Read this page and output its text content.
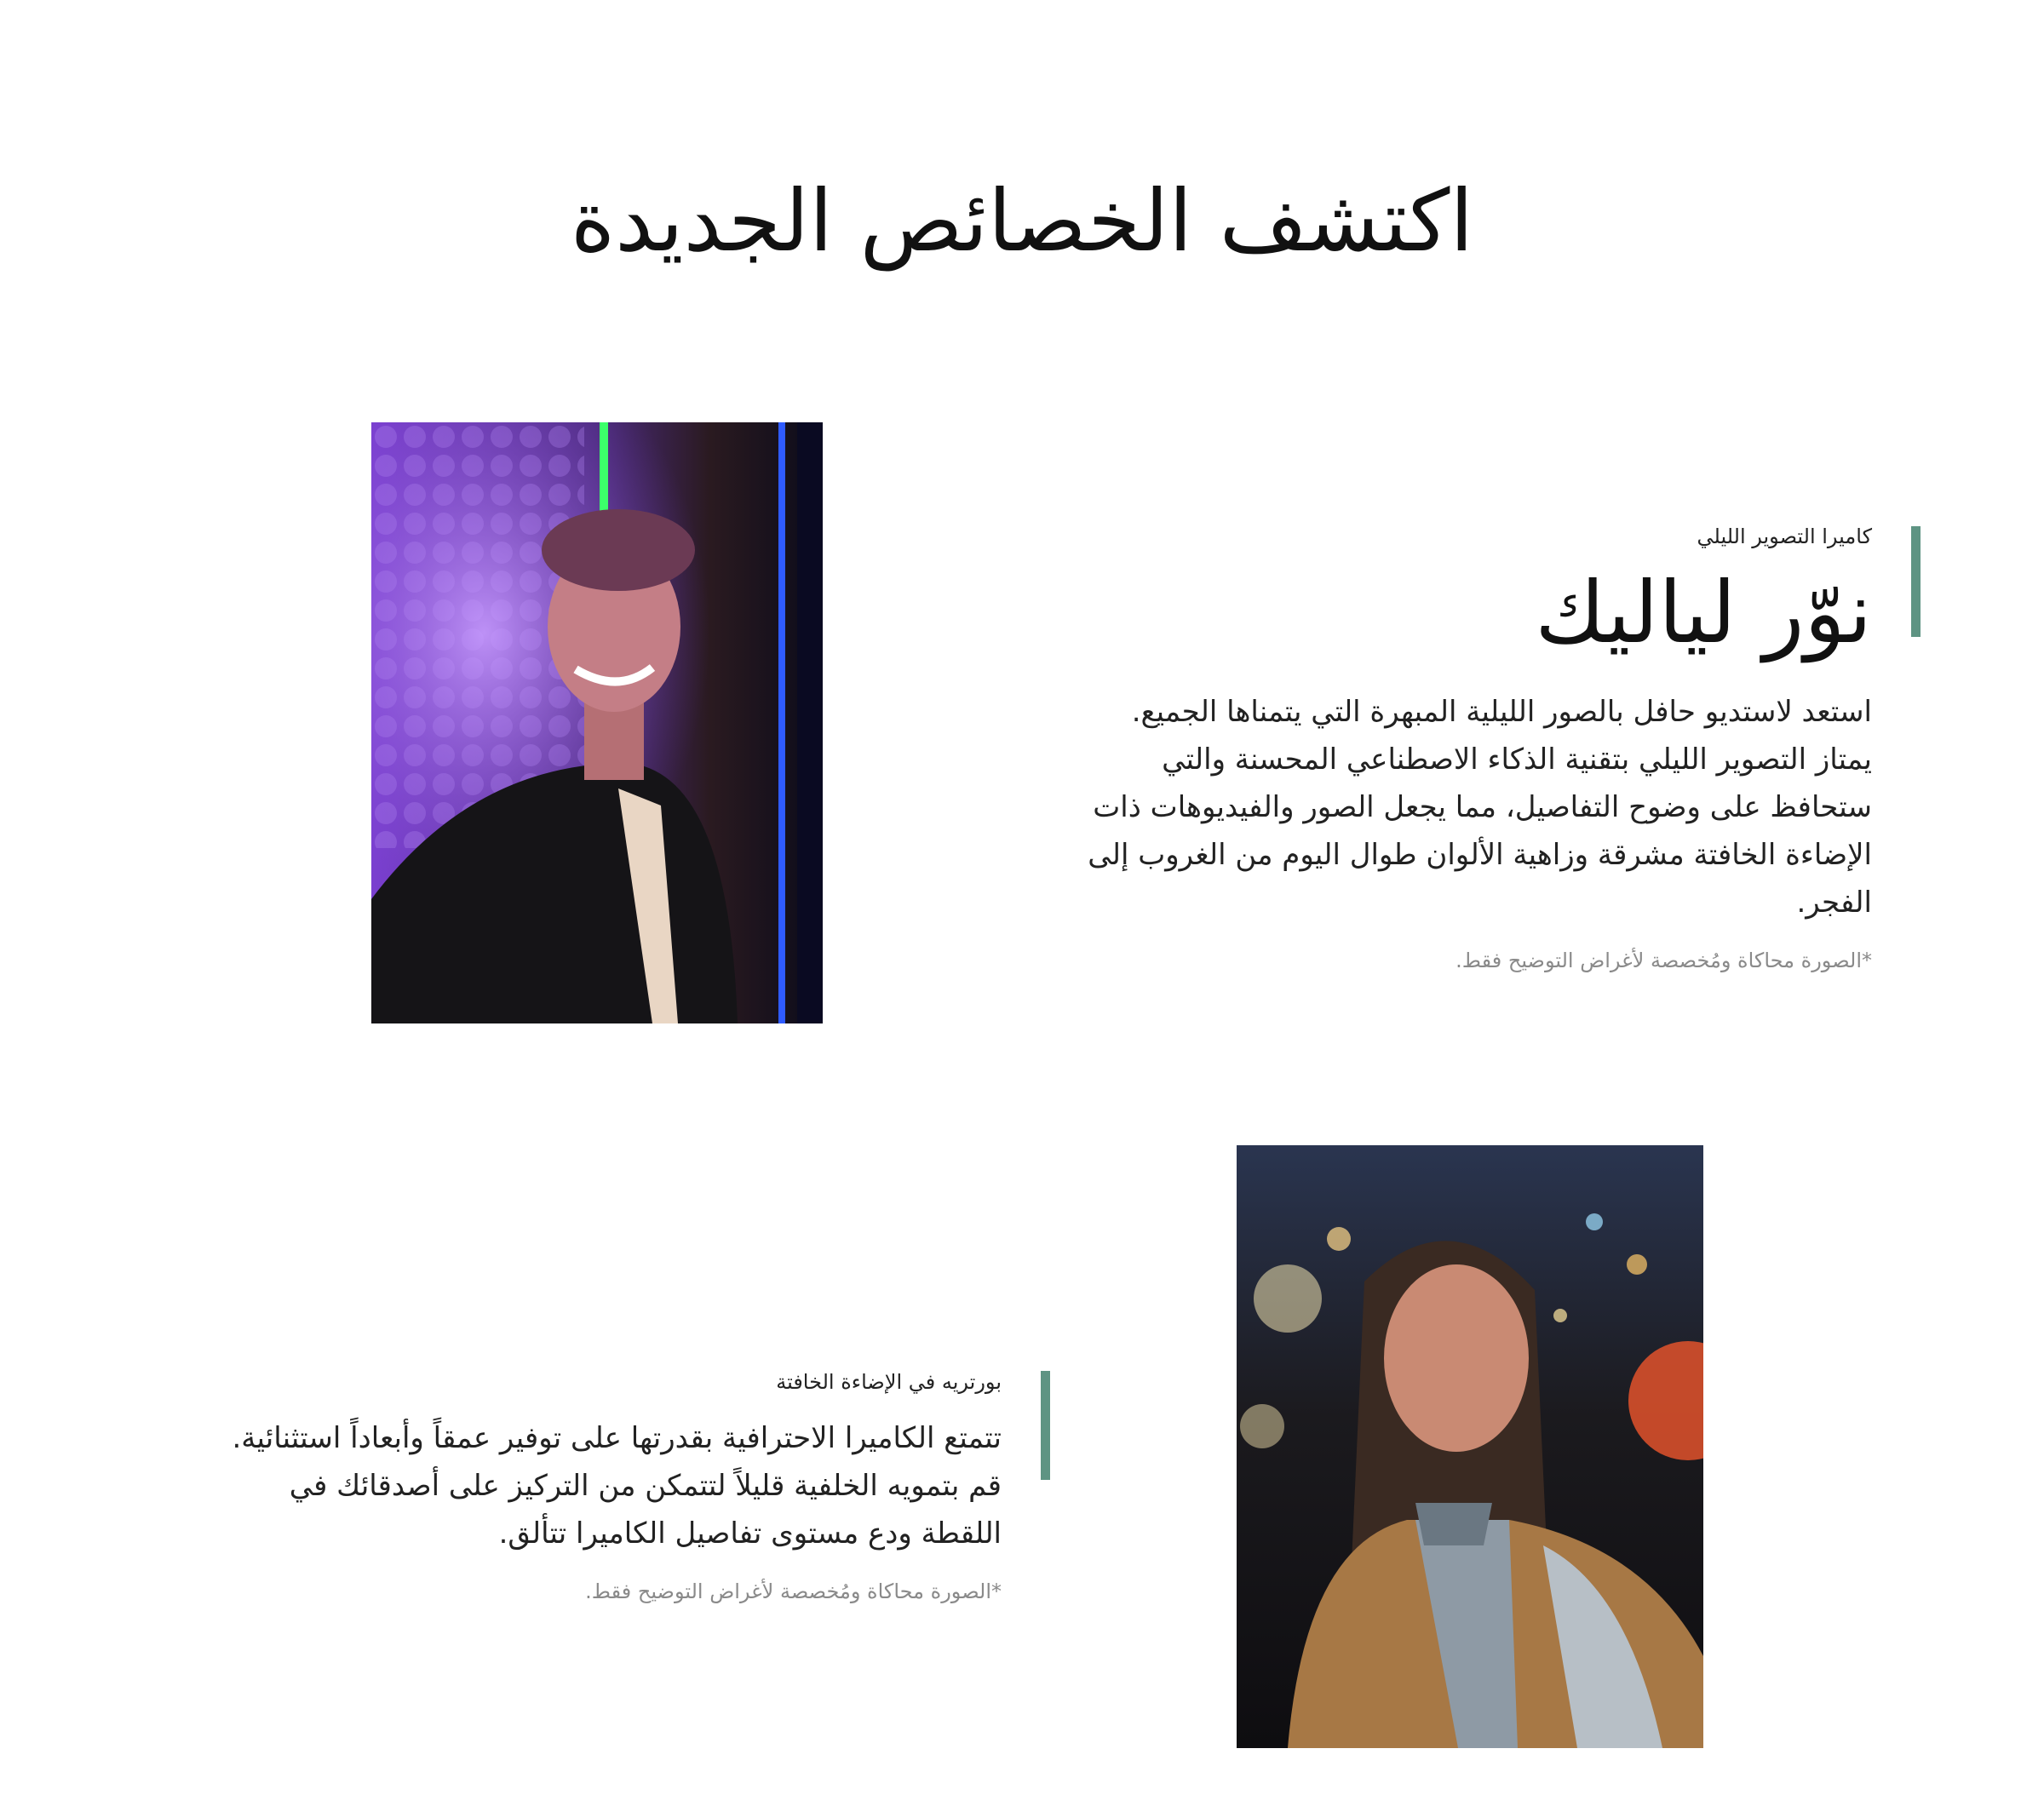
اكتشف الخصائص الجديدة

كاميرا التصوير الليلي

نوّر لياليك

استعد لاستديو حافل بالصور الليلية المبهرة التي يتمناها الجميع.
يمتاز التصوير الليلي بتقنية الذكاء الاصطناعي المحسنة والتي
ستحافظ على وضوح التفاصيل، مما يجعل الصور والفيديوهات ذات
الإضاءة الخافتة مشرقة وزاهية الألوان طوال اليوم من الغروب إلى
الفجر.

*الصورة محاكاة ومُخصصة لأغراض التوضيح فقط.

بورتريه في الإضاءة الخافتة

تتمتع الكاميرا الاحترافية بقدرتها على توفير عمقاً وأبعاداً استثنائية.
قم بتمويه الخلفية قليلاً لتتمكن من التركيز على أصدقائك في
اللقطة ودع مستوى تفاصيل الكاميرا تتألق.

*الصورة محاكاة ومُخصصة لأغراض التوضيح فقط.
